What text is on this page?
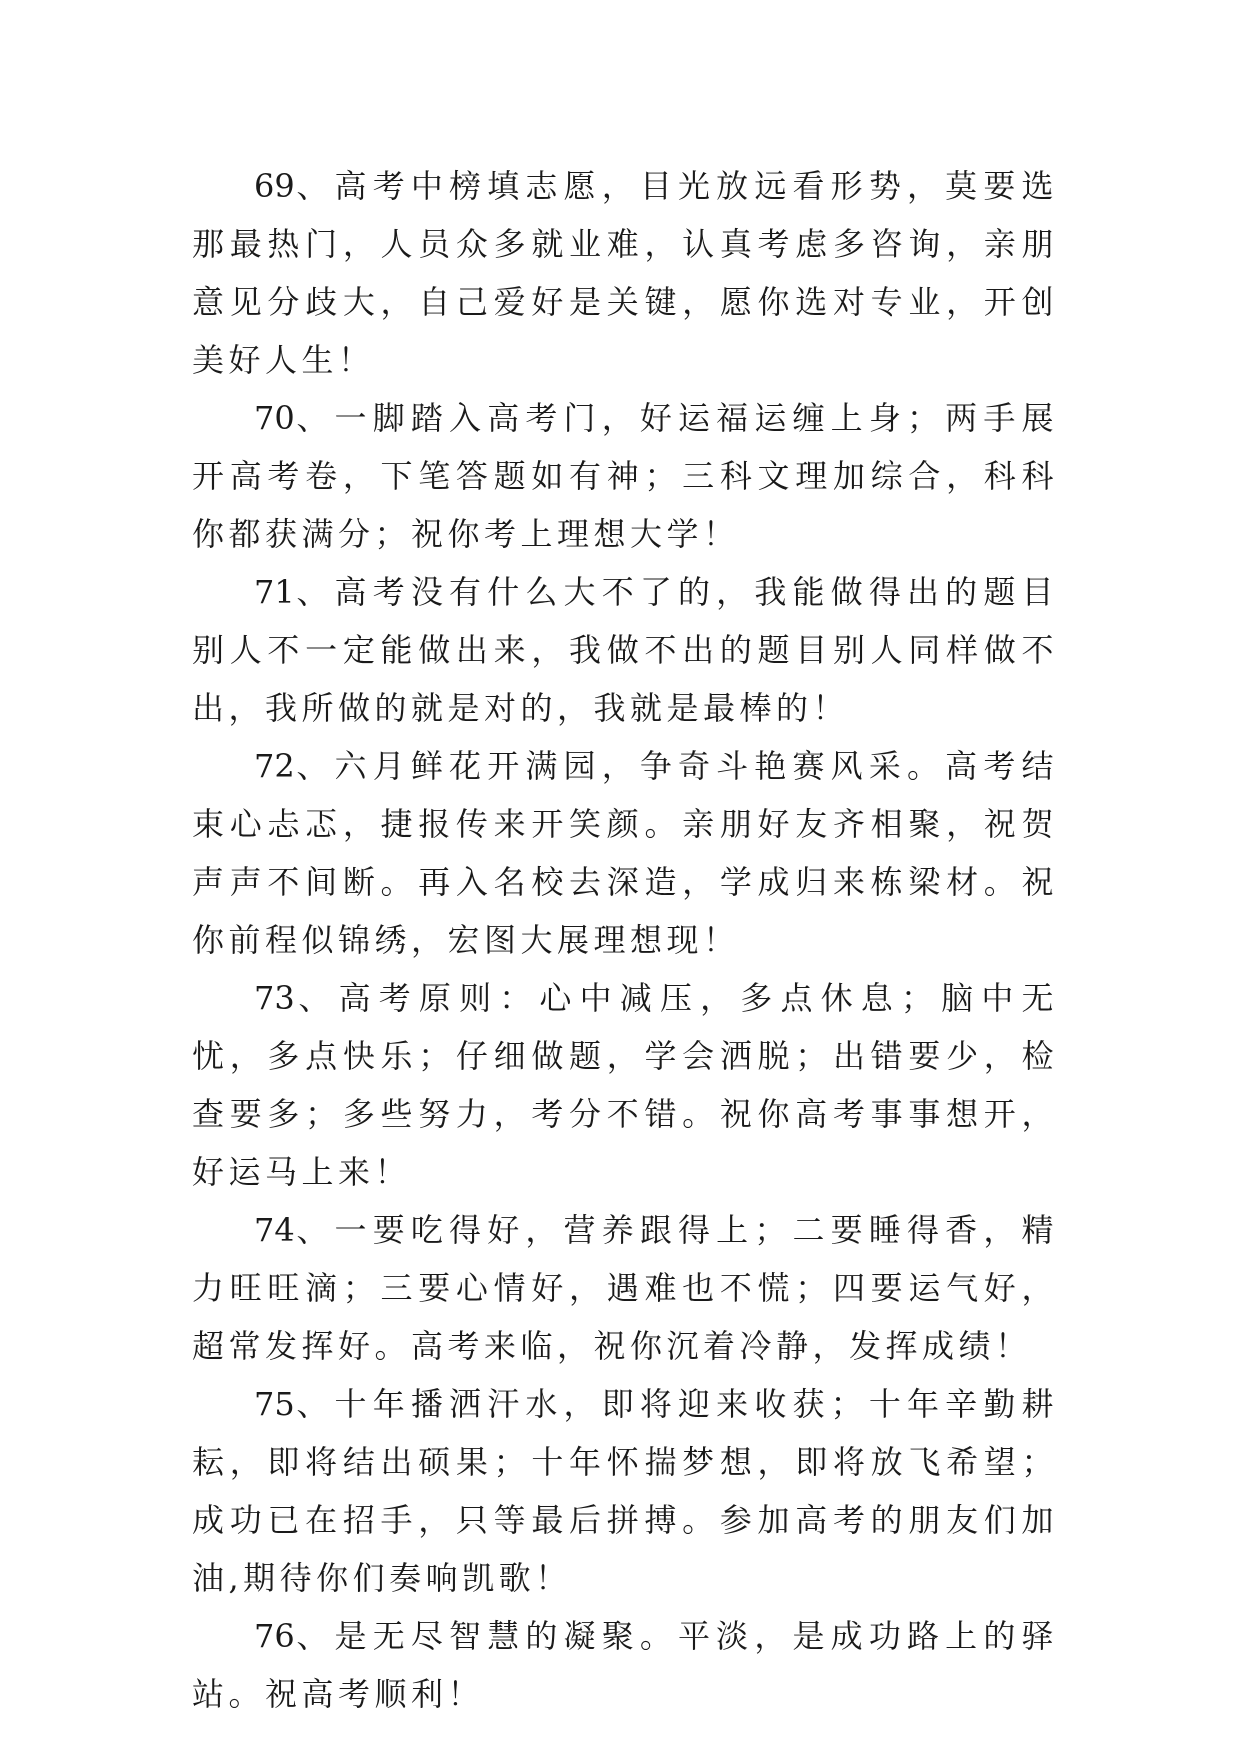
69、高考中榜填志愿，目光放远看形势，莫要选那最热门，人员众多就业难，认真考虑多咨询，亲朋意见分歧大，自己爱好是关键，愿你选对专业，开创美好人生！

70、一脚踏入高考门，好运福运缠上身；两手展开高考卷，下笔答题如有神；三科文理加综合，科科你都获满分；祝你考上理想大学！

71、高考没有什么大不了的，我能做得出的题目别人不一定能做出来，我做不出的题目别人同样做不出，我所做的就是对的，我就是最棒的！

72、六月鲜花开满园，争奇斗艳赛风采。高考结束心忐忑，捷报传来开笑颜。亲朋好友齐相聚，祝贺声声不间断。再入名校去深造，学成归来栋梁材。祝你前程似锦绣，宏图大展理想现！

73、高考原则：心中减压，多点休息；脑中无忧，多点快乐；仔细做题，学会洒脱；出错要少，检查要多；多些努力，考分不错。祝你高考事事想开，好运马上来！

74、一要吃得好，营养跟得上；二要睡得香，精力旺旺滴；三要心情好，遇难也不慌；四要运气好，超常发挥好。高考来临，祝你沉着冷静，发挥成绩！

75、十年播洒汗水，即将迎来收获；十年辛勤耕耘，即将结出硕果；十年怀揣梦想，即将放飞希望；成功已在招手，只等最后拼搏。参加高考的朋友们加油,期待你们奏响凯歌！

76、是无尽智慧的凝聚。平淡，是成功路上的驿站。祝高考顺利！
